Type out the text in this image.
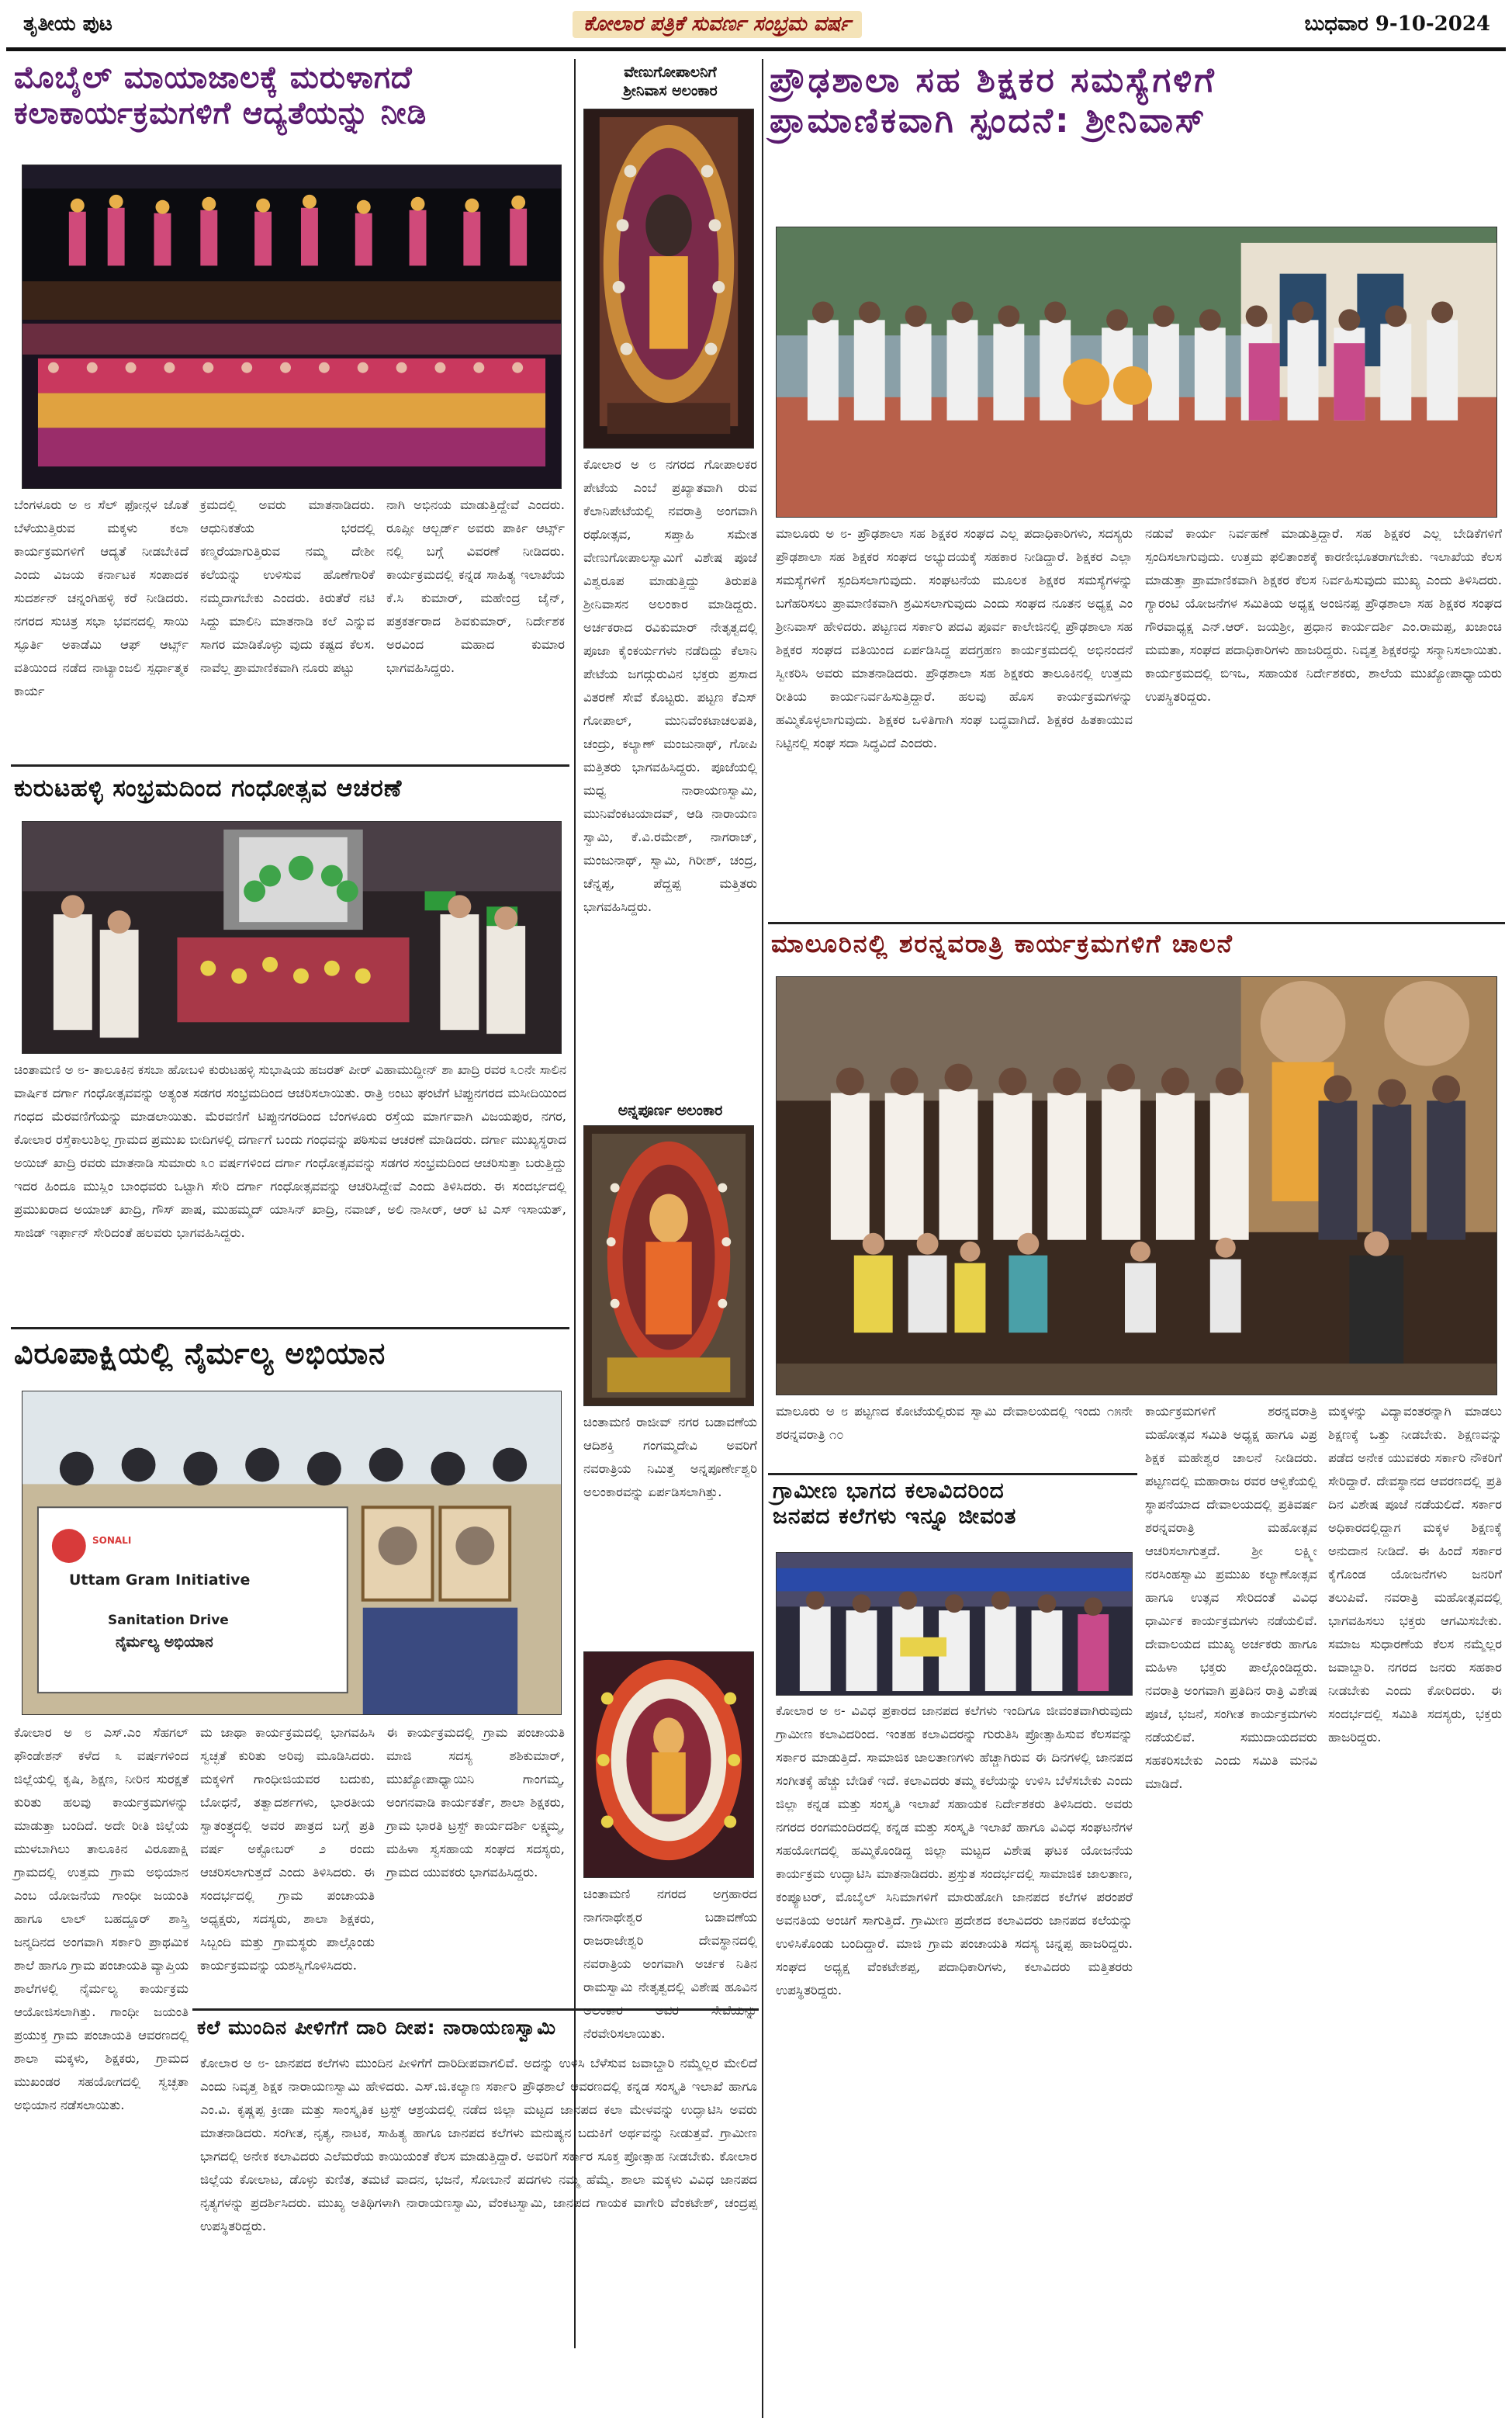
ತೃತೀಯ ಪುಟ	ಕೋಲಾರ ಪತ್ರಿಕೆ ಸುವರ್ಣ ಸಂಭ್ರಮ ವರ್ಷ	ಬುಧವಾರ 9-10-2024
ಮೊಬೈಲ್ ಮಾಯಾಜಾಲಕ್ಕೆ ಮರುಳಾಗದೆ
ಕಲಾಕಾರ್ಯಕ್ರಮಗಳಿಗೆ ಆದ್ಯತೆಯನ್ನು ನೀಡಿ
ಬೆಂಗಳೂರು ಅ ೮ ಸೆಲ್ ಫೋನ್ಗಳ ಜೊತೆ ಬೆಳೆಯುತ್ತಿರುವ ಮಕ್ಕಳು ಕಲಾ ಕಾರ್ಯಕ್ರಮಗಳಿಗೆ ಆದ್ಯತೆ ನೀಡಬೇಕಿದೆ ಎಂದು ವಿಜಯ ಕರ್ನಾಟಕ ಸಂಪಾದಕ ಸುದರ್ಶನ್ ಚನ್ನಂಗಿಹಳ್ಳಿ ಕರೆ ನೀಡಿದರು. ನಗರದ ಸುಚಿತ್ರ ಸಭಾ ಭವನದಲ್ಲಿ ಸಾಯಿ ಸ್ಫೂರ್ತಿ ಅಕಾಡೆಮಿ ಆಫ್ ಆರ್ಟ್ಸ್ ವತಿಯಿಂದ ನಡೆದ ನಾಟ್ಯಾಂಜಲಿ ಸ್ಪರ್ಧಾತ್ಮಕ ಕಾರ್ಯ
ಕ್ರಮದಲ್ಲಿ ಅವರು ಮಾತನಾಡಿದರು. ಆಧುನಿಕತೆಯ ಭರದಲ್ಲಿ ಕಣ್ಮರೆಯಾಗುತ್ತಿರುವ ನಮ್ಮ ದೇಶೀ ಕಲೆಯನ್ನು ಉಳಿಸುವ ಹೊಣೆಗಾರಿಕೆ ನಮ್ಮದಾಗಬೇಕು ಎಂದರು. ಕಿರುತೆರೆ ನಟಿ ಸಿದ್ದು ಮಾಲಿನಿ ಮಾತನಾಡಿ ಕಲೆ ಎನ್ನುವ ಸಾಗರ ಮಾಡಿಕೊಳ್ಳು ವುದು ಕಷ್ಟದ ಕೆಲಸ. ನಾವೆಲ್ಲ ಪ್ರಾಮಾಣಿಕವಾಗಿ ನೂರು ಪಟ್ಟು
ನಾಗಿ ಅಭಿನಯ ಮಾಡುತ್ತಿದ್ದೇವೆ ಎಂದರು. ರೂಪ್ಸೀ ಆಲ್ಬರ್ಡ್ ಅವರು ಪಾರ್ಕಿ ಆರ್ಟ್ಸ್ ನಲ್ಲಿ ಬಗ್ಗೆ ವಿವರಣೆ ನೀಡಿದರು. ಕಾರ್ಯಕ್ರಮದಲ್ಲಿ ಕನ್ನಡ ಸಾಹಿತ್ಯ ಇಲಾಖೆಯ ಕೆ.ಸಿ ಕುಮಾರ್, ಮಹೇಂದ್ರ ಜೈನ್, ಪತ್ರಕರ್ತರಾದ ಶಿವಕುಮಾರ್, ನಿರ್ದೇಶಕ ಅರವಿಂದ ಮಹಾದ ಕುಮಾರ ಭಾಗವಹಿಸಿದ್ದರು.
ಕುರುಟಹಳ್ಳಿ ಸಂಭ್ರಮದಿಂದ ಗಂಧೋತ್ಸವ ಆಚರಣೆ
ಚಿಂತಾಮಣಿ ಅ ೮- ತಾಲೂಕಿನ ಕಸಬಾ ಹೋಬಳಿ ಕುರುಟಹಳ್ಳಿ ಸುಭಾಷಿಯ ಹಜರತ್ ಪೀರ್ ವಿಹಾಮುದ್ದೀನ್ ಶಾ ಖಾದ್ರಿ ರವರ ೩೦ನೇ ಸಾಲಿನ ವಾರ್ಷಿಕ ದರ್ಗಾ ಗಂಧೋತ್ಸವವನ್ನು ಅತ್ಯಂತ ಸಡಗರ ಸಂಭ್ರಮದಿಂದ ಆಚರಿಸಲಾಯಿತು. ರಾತ್ರಿ ೮ಂಟು ಘಂಟೆಗೆ ಟಿಪ್ಪುನಗರದ ಮಸೀದಿಯಿಂದ ಗಂಧದ ಮೆರವಣಿಗೆಯನ್ನು ಮಾಡಲಾಯಿತು. ಮೆರವಣಿಗೆ ಟಿಪ್ಪುನಗರದಿಂದ ಬೆಂಗಳೂರು ರಸ್ತೆಯ ಮಾರ್ಗವಾಗಿ ವಿಜಯಪುರ, ನಗರ, ಕೋಲಾರ ರಸ್ತೆಕಾಲುಶಿಲ್ಲ ಗ್ರಾಮದ ಪ್ರಮುಖ ಬೀದಿಗಳಲ್ಲಿ ದರ್ಗಾಗೆ ಬಂದು ಗಂಧವನ್ನು ಪಠಿಸುವ ಆಚರಣೆ ಮಾಡಿದರು. ದರ್ಗಾ ಮುಖ್ಯಸ್ಥರಾದ ಅಯಿಜ್ ಖಾದ್ರಿ ರವರು ಮಾತನಾಡಿ ಸುಮಾರು ೩೦ ವರ್ಷಗಳಿಂದ ದರ್ಗಾ ಗಂಧೋತ್ಸವವನ್ನು ಸಡಗರ ಸಂಭ್ರಮದಿಂದ ಆಚರಿಸುತ್ತಾ ಬರುತ್ತಿದ್ದು ಇದರ ಹಿಂದೂ ಮುಸ್ಲಿಂ ಬಾಂಧವರು ಒಟ್ಟಾಗಿ ಸೇರಿ ದರ್ಗಾ ಗಂಧೋತ್ಸವವನ್ನು ಆಚರಿಸಿದ್ದೇವೆ ಎಂದು ತಿಳಿಸಿದರು. ಈ ಸಂದರ್ಭದಲ್ಲಿ ಪ್ರಮುಖರಾದ ಅಯಾಜ್ ಖಾದ್ರಿ, ಗೌಸ್ ಪಾಷ, ಮುಹಮ್ಮದ್ ಯಾಸಿನ್ ಖಾದ್ರಿ, ನವಾಜ್, ಅಲಿ ನಾಸೀರ್, ಆರ್ ಟಿ ಎಸ್ ಇಸಾಯತ್, ಸಾಜಿಡ್ ಇರ್ಫಾನ್ ಸೇರಿದಂತೆ ಹಲವರು ಭಾಗವಹಿಸಿದ್ದರು.
ವಿರೂಪಾಕ್ಷಿಯಲ್ಲಿ ನೈರ್ಮಲ್ಯ ಅಭಿಯಾನ
SONALI
Uttam Gram Initiative
Sanitation Drive
ನೈರ್ಮಲ್ಯ ಅಭಿಯಾನ
ಕೋಲಾರ ಅ ೮ ಎಸ್.ಎಂ ಸೆಹಗಲ್ ಫೌಂಡೇಶನ್ ಕಳೆದ ೩ ವರ್ಷಗಳಿಂದ ಜಿಲ್ಲೆಯಲ್ಲಿ ಕೃಷಿ, ಶಿಕ್ಷಣ, ನೀರಿನ ಸುರಕ್ಷತೆ ಕುರಿತು ಹಲವು ಕಾರ್ಯಕ್ರಮಗಳನ್ನು ಮಾಡುತ್ತಾ ಬಂದಿದೆ. ಅದೇ ರೀತಿ ಜಿಲ್ಲೆಯ ಮುಳಬಾಗಿಲು ತಾಲೂಕಿನ ವಿರೂಪಾಕ್ಷಿ ಗ್ರಾಮದಲ್ಲಿ ಉತ್ತಮ ಗ್ರಾಮ ಅಭಿಯಾನ ಎಂಬ ಯೋಜನೆಯ ಗಾಂಧೀ ಜಯಂತಿ ಹಾಗೂ ಲಾಲ್ ಬಹದ್ದೂರ್ ಶಾಸ್ತ್ರಿ ಜನ್ಮದಿನದ ಅಂಗವಾಗಿ ಸರ್ಕಾರಿ ಪ್ರಾಥಮಿಕ ಶಾಲೆ ಹಾಗೂ ಗ್ರಾಮ ಪಂಚಾಯತಿ ವ್ಯಾಪ್ತಿಯ ಶಾಲೆಗಳಲ್ಲಿ ನೈರ್ಮಲ್ಯ ಕಾರ್ಯಕ್ರಮ ಆಯೋಜಿಸಲಾಗಿತ್ತು. ಗಾಂಧೀ ಜಯಂತಿ ಪ್ರಯುಕ್ತ ಗ್ರಾಮ ಪಂಚಾಯತಿ ಆವರಣದಲ್ಲಿ ಶಾಲಾ ಮಕ್ಕಳು, ಶಿಕ್ಷಕರು, ಗ್ರಾಮದ ಮುಖಂಡರ ಸಹಯೋಗದಲ್ಲಿ ಸ್ವಚ್ಛತಾ ಅಭಿಯಾನ ನಡೆಸಲಾಯಿತು.
ಮ ಜಾಥಾ ಕಾರ್ಯಕ್ರಮದಲ್ಲಿ ಭಾಗವಹಿಸಿ ಸ್ವಚ್ಛತೆ ಕುರಿತು ಅರಿವು ಮೂಡಿಸಿದರು. ಮಕ್ಕಳಿಗೆ ಗಾಂಧೀಜಿಯವರ ಬದುಕು, ಬೋಧನೆ, ತತ್ವಾದರ್ಶಗಳು, ಭಾರತೀಯ ಸ್ವಾತಂತ್ರ್ಯದಲ್ಲಿ ಅವರ ಪಾತ್ರದ ಬಗ್ಗೆ ಪ್ರತಿ ವರ್ಷ ಅಕ್ಟೋಬರ್ ೨ ರಂದು ಆಚರಿಸಲಾಗುತ್ತದೆ ಎಂದು ತಿಳಿಸಿದರು. ಈ ಸಂದರ್ಭದಲ್ಲಿ ಗ್ರಾಮ ಪಂಚಾಯತಿ ಅಧ್ಯಕ್ಷರು, ಸದಸ್ಯರು, ಶಾಲಾ ಶಿಕ್ಷಕರು, ಸಿಬ್ಬಂದಿ ಮತ್ತು ಗ್ರಾಮಸ್ಥರು ಪಾಲ್ಗೊಂಡು ಕಾರ್ಯಕ್ರಮವನ್ನು ಯಶಸ್ವಿಗೊಳಿಸಿದರು.
ಈ ಕಾರ್ಯಕ್ರಮದಲ್ಲಿ ಗ್ರಾಮ ಪಂಚಾಯತಿ ಮಾಜಿ ಸದಸ್ಯ ಶಶಿಕುಮಾರ್, ಮುಖ್ಯೋಪಾಧ್ಯಾಯಿನಿ ಗಾಂಗಮ್ಮ, ಅಂಗನವಾಡಿ ಕಾರ್ಯಕರ್ತೆ, ಶಾಲಾ ಶಿಕ್ಷಕರು, ಗ್ರಾಮ ಭಾರತಿ ಟ್ರಸ್ಟ್ ಕಾರ್ಯದರ್ಶಿ ಲಕ್ಷ್ಮಮ್ಮ, ಮಹಿಳಾ ಸ್ವಸಹಾಯ ಸಂಘದ ಸದಸ್ಯರು, ಗ್ರಾಮದ ಯುವಕರು ಭಾಗವಹಿಸಿದ್ದರು.
ಕಲೆ ಮುಂದಿನ ಪೀಳಿಗೆಗೆ ದಾರಿ ದೀಪ: ನಾರಾಯಣಸ್ವಾಮಿ
ಕೋಲಾರ ಅ ೮- ಜಾನಪದ ಕಲೆಗಳು ಮುಂದಿನ ಪೀಳಿಗೆಗೆ ದಾರಿದೀಪವಾಗಲಿವೆ. ಅದನ್ನು ಉಳಿಸಿ ಬೆಳೆಸುವ ಜವಾಬ್ದಾರಿ ನಮ್ಮೆಲ್ಲರ ಮೇಲಿದೆ ಎಂದು ನಿವೃತ್ತ ಶಿಕ್ಷಕ ನಾರಾಯಣಸ್ವಾಮಿ ಹೇಳಿದರು. ಎಸ್.ಜಿ.ಕಲ್ಯಾಣ ಸರ್ಕಾರಿ ಪ್ರೌಢಶಾಲೆ ಆವರಣದಲ್ಲಿ ಕನ್ನಡ ಸಂಸ್ಕೃತಿ ಇಲಾಖೆ ಹಾಗೂ ಎಂ.ವಿ. ಕೃಷ್ಣಪ್ಪ ಕ್ರೀಡಾ ಮತ್ತು ಸಾಂಸ್ಕೃತಿಕ ಟ್ರಸ್ಟ್ ಆಶ್ರಯದಲ್ಲಿ ನಡೆದ ಜಿಲ್ಲಾ ಮಟ್ಟದ ಜಾನಪದ ಕಲಾ ಮೇಳವನ್ನು ಉದ್ಘಾಟಿಸಿ ಅವರು ಮಾತನಾಡಿದರು. ಸಂಗೀತ, ನೃತ್ಯ, ನಾಟಕ, ಸಾಹಿತ್ಯ ಹಾಗೂ ಜಾನಪದ ಕಲೆಗಳು ಮನುಷ್ಯನ ಬದುಕಿಗೆ ಅರ್ಥವನ್ನು ನೀಡುತ್ತವೆ. ಗ್ರಾಮೀಣ ಭಾಗದಲ್ಲಿ ಅನೇಕ ಕಲಾವಿದರು ಎಲೆಮರೆಯ ಕಾಯಿಯಂತೆ ಕೆಲಸ ಮಾಡುತ್ತಿದ್ದಾರೆ. ಅವರಿಗೆ ಸರ್ಕಾರ ಸೂಕ್ತ ಪ್ರೋತ್ಸಾಹ ನೀಡಬೇಕು. ಕೋಲಾರ ಜಿಲ್ಲೆಯ ಕೋಲಾಟ, ಡೊಳ್ಳು ಕುಣಿತ, ತಮಟೆ ವಾದನ, ಭಜನೆ, ಸೋಬಾನೆ ಪದಗಳು ನಮ್ಮ ಹೆಮ್ಮೆ. ಶಾಲಾ ಮಕ್ಕಳು ವಿವಿಧ ಜಾನಪದ ನೃತ್ಯಗಳನ್ನು ಪ್ರದರ್ಶಿಸಿದರು. ಮುಖ್ಯ ಅತಿಥಿಗಳಾಗಿ ನಾರಾಯಣಸ್ವಾಮಿ, ವೆಂಕಟಸ್ವಾಮಿ, ಜಾನಪದ ಗಾಯಕ ವಾಗೇರಿ ವೆಂಕಟೇಶ್, ಚಂದ್ರಪ್ಪ ಉಪಸ್ಥಿತರಿದ್ದರು.
ವೇಣುಗೋಪಾಲನಿಗೆ
ಶ್ರೀನಿವಾಸ ಅಲಂಕಾರ
ಕೋಲಾರ ಅ ೮ ನಗರದ ಗೋಪಾಲಕರ ಪೇಟೆಯ ಎಂಬೆ ಪ್ರಖ್ಯಾತವಾಗಿ ರುವ ಕೆಲಾನಿಪೇಟೆಯಲ್ಲಿ ನವರಾತ್ರಿ ಅಂಗವಾಗಿ ರಥೋತ್ಸವ, ಸಪ್ತಾಹಿ ಸಮೇತ ವೇಣುಗೋಪಾಲಸ್ವಾಮಿಗೆ ವಿಶೇಷ ಪೂಜೆ ವಿಶ್ವರೂಪ ಮಾಡುತ್ತಿದ್ದು ತಿರುಪತಿ ಶ್ರೀನಿವಾಸನ ಅಲಂಕಾರ ಮಾಡಿದ್ದರು. ಅರ್ಚಕರಾದ ರವಿಕುಮಾರ್ ನೇತೃತ್ವದಲ್ಲಿ ಪೂಜಾ ಕೈಂಕರ್ಯಗಳು ನಡೆದಿದ್ದು ಕೆಲಾನಿ ಪೇಟೆಯ ಜಗದ್ಗುರುವಿನ ಭಕ್ತರು ಪ್ರಸಾದ ವಿತರಣೆ ಸೇವೆ ಕೊಟ್ಟರು. ಪಟ್ಟಣ ಕೆಎಸ್ ಗೋಪಾಲ್, ಮುನಿವೆಂಕಟಾಚಲಪತಿ, ಚಂದ್ರು, ಕಲ್ಯಾಣ್ ಮಂಜುನಾಥ್, ಗೋಪಿ ಮತ್ತಿತರು ಭಾಗವಹಿಸಿದ್ದರು. ಪೂಜೆಯಲ್ಲಿ ಮಧ್ವ ನಾರಾಯಣಸ್ವಾಮಿ, ಮುನಿವೆಂಕಟಯಾದವ್, ಆಡಿ ನಾರಾಯಣ ಸ್ವಾಮಿ, ಕೆ.ವಿ.ರಮೇಶ್, ನಾಗರಾಜ್, ಮಂಜುನಾಥ್, ಸ್ವಾಮಿ, ಗಿರೀಶ್, ಚಂದ್ರ, ಚೆನ್ನಪ್ಪ, ಪೆದ್ದಪ್ಪ ಮತ್ತಿತರು ಭಾಗವಹಿಸಿದ್ದರು.
ಅನ್ನಪೂರ್ಣ ಅಲಂಕಾರ
ಚಿಂತಾಮಣಿ ರಾಜೀವ್ ನಗರ ಬಡಾವಣೆಯ ಆದಿಶಕ್ತಿ ಗಂಗಮ್ಮದೇವಿ ಅವರಿಗೆ ನವರಾತ್ರಿಯ ನಿಮಿತ್ತ ಅನ್ನಪೂರ್ಣೇಶ್ವರಿ ಅಲಂಕಾರವನ್ನು ಏರ್ಪಡಿಸಲಾಗಿತ್ತು.
ಚಿಂತಾಮಣಿ ನಗರದ ಅಗ್ರಹಾರದ ನಾಗನಾಥೇಶ್ವರ ಬಡಾವಣೆಯ ರಾಜರಾಜೇಶ್ವರಿ ದೇವಸ್ಥಾನದಲ್ಲಿ ನವರಾತ್ರಿಯ ಅಂಗವಾಗಿ ಅರ್ಚಕ ನಿತಿನ ರಾಮಸ್ವಾಮಿ ನೇತೃತ್ವದಲ್ಲಿ ವಿಶೇಷ ಹೂವಿನ ಅಲಂಕಾರ ಅವರ ಸೇವೆಯನ್ನು ನೆರವೇರಿಸಲಾಯಿತು.
ಪ್ರೌಢಶಾಲಾ ಸಹ ಶಿಕ್ಷಕರ ಸಮಸ್ಯೆಗಳಿಗೆ
ಪ್ರಾಮಾಣಿಕವಾಗಿ ಸ್ಪಂದನೆ: ಶ್ರೀನಿವಾಸ್
ಮಾಲೂರು ಅ ೮- ಪ್ರೌಢಶಾಲಾ ಸಹ ಶಿಕ್ಷಕರ ಸಂಘದ ಎಲ್ಲ ಪದಾಧಿಕಾರಿಗಳು, ಸದಸ್ಯರು ಪ್ರೌಢಶಾಲಾ ಸಹ ಶಿಕ್ಷಕರ ಸಂಘದ ಅಭ್ಯುದಯಕ್ಕೆ ಸಹಕಾರ ನೀಡಿದ್ದಾರೆ. ಶಿಕ್ಷಕರ ಎಲ್ಲಾ ಸಮಸ್ಯೆಗಳಿಗೆ ಸ್ಪಂದಿಸಲಾಗುವುದು. ಸಂಘಟನೆಯ ಮೂಲಕ ಶಿಕ್ಷಕರ ಸಮಸ್ಯೆಗಳನ್ನು ಬಗೆಹರಿಸಲು ಪ್ರಾಮಾಣಿಕವಾಗಿ ಶ್ರಮಿಸಲಾಗುವುದು ಎಂದು ಸಂಘದ ನೂತನ ಅಧ್ಯಕ್ಷ ಎಂ ಶ್ರೀನಿವಾಸ್ ಹೇಳಿದರು. ಪಟ್ಟಣದ ಸರ್ಕಾರಿ ಪದವಿ ಪೂರ್ವ ಕಾಲೇಜಿನಲ್ಲಿ ಪ್ರೌಢಶಾಲಾ ಸಹ ಶಿಕ್ಷಕರ ಸಂಘದ ವತಿಯಿಂದ ಏರ್ಪಡಿಸಿದ್ದ ಪದಗ್ರಹಣ ಕಾರ್ಯಕ್ರಮದಲ್ಲಿ ಅಭಿನಂದನೆ ಸ್ವೀಕರಿಸಿ ಅವರು ಮಾತನಾಡಿದರು. ಪ್ರೌಢಶಾಲಾ ಸಹ ಶಿಕ್ಷಕರು ತಾಲೂಕಿನಲ್ಲಿ ಉತ್ತಮ ರೀತಿಯ ಕಾರ್ಯನಿರ್ವಹಿಸುತ್ತಿದ್ದಾರೆ. ಹಲವು ಹೊಸ ಕಾರ್ಯಕ್ರಮಗಳನ್ನು ಹಮ್ಮಿಕೊಳ್ಳಲಾಗುವುದು. ಶಿಕ್ಷಕರ ಒಳಿತಿಗಾಗಿ ಸಂಘ ಬದ್ಧವಾಗಿದೆ. ಶಿಕ್ಷಕರ ಹಿತಕಾಯುವ ನಿಟ್ಟಿನಲ್ಲಿ ಸಂಘ ಸದಾ ಸಿದ್ಧವಿದೆ ಎಂದರು.
ನಡುವೆ ಕಾರ್ಯ ನಿರ್ವಹಣೆ ಮಾಡುತ್ತಿದ್ದಾರೆ. ಸಹ ಶಿಕ್ಷಕರ ಎಲ್ಲ ಬೇಡಿಕೆಗಳಿಗೆ ಸ್ಪಂದಿಸಲಾಗುವುದು. ಉತ್ತಮ ಫಲಿತಾಂಶಕ್ಕೆ ಕಾರಣೀಭೂತರಾಗಬೇಕು. ಇಲಾಖೆಯ ಕೆಲಸ ಮಾಡುತ್ತಾ ಪ್ರಾಮಾಣಿಕವಾಗಿ ಶಿಕ್ಷಕರ ಕೆಲಸ ನಿರ್ವಹಿಸುವುದು ಮುಖ್ಯ ಎಂದು ತಿಳಿಸಿದರು. ಗ್ಯಾರಂಟಿ ಯೋಜನೆಗಳ ಸಮಿತಿಯ ಅಧ್ಯಕ್ಷ ಅಂಜಿನಪ್ಪ ಪ್ರೌಢಶಾಲಾ ಸಹ ಶಿಕ್ಷಕರ ಸಂಘದ ಗೌರವಾಧ್ಯಕ್ಷ ಎನ್.ಆರ್. ಜಯಶ್ರೀ, ಪ್ರಧಾನ ಕಾರ್ಯದರ್ಶಿ ಎಂ.ರಾಮಪ್ಪ, ಖಜಾಂಚಿ ಮಮತಾ, ಸಂಘದ ಪದಾಧಿಕಾರಿಗಳು ಹಾಜರಿದ್ದರು. ನಿವೃತ್ತ ಶಿಕ್ಷಕರನ್ನು ಸನ್ಮಾನಿಸಲಾಯಿತು. ಕಾರ್ಯಕ್ರಮದಲ್ಲಿ ಬಿಇಒ, ಸಹಾಯಕ ನಿರ್ದೇಶಕರು, ಶಾಲೆಯ ಮುಖ್ಯೋಪಾಧ್ಯಾಯರು ಉಪಸ್ಥಿತರಿದ್ದರು.
ಮಾಲೂರಿನಲ್ಲಿ ಶರನ್ನವರಾತ್ರಿ ಕಾರ್ಯಕ್ರಮಗಳಿಗೆ ಚಾಲನೆ
ಮಾಲೂರು ಅ ೮ ಪಟ್ಟಣದ ಕೋಟೆಯಲ್ಲಿರುವ ಸ್ವಾಮಿ ದೇವಾಲಯದಲ್ಲಿ ಇಂದು ೧೫ನೇ ಶರನ್ನವರಾತ್ರಿ ೧೦
ಗ್ರಾಮೀಣ ಭಾಗದ ಕಲಾವಿದರಿಂದ
ಜನಪದ ಕಲೆಗಳು ಇನ್ನೂ ಜೀವಂತ
ಕೋಲಾರ ಅ ೮- ವಿವಿಧ ಪ್ರಕಾರದ ಜಾನಪದ ಕಲೆಗಳು ಇಂದಿಗೂ ಜೀವಂತವಾಗಿರುವುದು ಗ್ರಾಮೀಣ ಕಲಾವಿದರಿಂದ. ಇಂತಹ ಕಲಾವಿದರನ್ನು ಗುರುತಿಸಿ ಪ್ರೋತ್ಸಾಹಿಸುವ ಕೆಲಸವನ್ನು ಸರ್ಕಾರ ಮಾಡುತ್ತಿದೆ. ಸಾಮಾಜಿಕ ಜಾಲತಾಣಗಳು ಹೆಚ್ಚಾಗಿರುವ ಈ ದಿನಗಳಲ್ಲಿ ಜಾನಪದ ಸಂಗೀತಕ್ಕೆ ಹೆಚ್ಚು ಬೇಡಿಕೆ ಇದೆ. ಕಲಾವಿದರು ತಮ್ಮ ಕಲೆಯನ್ನು ಉಳಿಸಿ ಬೆಳೆಸಬೇಕು ಎಂದು ಜಿಲ್ಲಾ ಕನ್ನಡ ಮತ್ತು ಸಂಸ್ಕೃತಿ ಇಲಾಖೆ ಸಹಾಯಕ ನಿರ್ದೇಶಕರು ತಿಳಿಸಿದರು. ಅವರು ನಗರದ ರಂಗಮಂದಿರದಲ್ಲಿ ಕನ್ನಡ ಮತ್ತು ಸಂಸ್ಕೃತಿ ಇಲಾಖೆ ಹಾಗೂ ವಿವಿಧ ಸಂಘಟನೆಗಳ ಸಹಯೋಗದಲ್ಲಿ ಹಮ್ಮಿಕೊಂಡಿದ್ದ ಜಿಲ್ಲಾ ಮಟ್ಟದ ವಿಶೇಷ ಘಟಕ ಯೋಜನೆಯ ಕಾರ್ಯಕ್ರಮ ಉದ್ಘಾಟಿಸಿ ಮಾತನಾಡಿದರು. ಪ್ರಸ್ತುತ ಸಂದರ್ಭದಲ್ಲಿ ಸಾಮಾಜಿಕ ಜಾಲತಾಣ, ಕಂಪ್ಯೂಟರ್, ಮೊಬೈಲ್ ಸಿನಿಮಾಗಳಿಗೆ ಮಾರುಹೋಗಿ ಜಾನಪದ ಕಲೆಗಳ ಪರಂಪರೆ ಅವನತಿಯ ಅಂಚಿಗೆ ಸಾಗುತ್ತಿದೆ. ಗ್ರಾಮೀಣ ಪ್ರದೇಶದ ಕಲಾವಿದರು ಜಾನಪದ ಕಲೆಯನ್ನು ಉಳಿಸಿಕೊಂಡು ಬಂದಿದ್ದಾರೆ. ಮಾಜಿ ಗ್ರಾಮ ಪಂಚಾಯತಿ ಸದಸ್ಯ ಚಿನ್ನಪ್ಪ ಹಾಜರಿದ್ದರು. ಸಂಘದ ಅಧ್ಯಕ್ಷ ವೆಂಕಟೇಶಪ್ಪ, ಪದಾಧಿಕಾರಿಗಳು, ಕಲಾವಿದರು ಮತ್ತಿತರರು ಉಪಸ್ಥಿತರಿದ್ದರು.
ಕಾರ್ಯಕ್ರಮಗಳಿಗೆ ಶರನ್ನವರಾತ್ರಿ ಮಹೋತ್ಸವ ಸಮಿತಿ ಅಧ್ಯಕ್ಷ ಹಾಗೂ ವಿಪ್ರ ಶಿಕ್ಷಕ ಮಹೇಶ್ವರ ಚಾಲನೆ ನೀಡಿದರು. ಪಟ್ಟಣದಲ್ಲಿ ಮಹಾರಾಜ ರವರ ಆಳ್ವಿಕೆಯಲ್ಲಿ ಸ್ಥಾಪನೆಯಾದ ದೇವಾಲಯದಲ್ಲಿ ಪ್ರತಿವರ್ಷ ಶರನ್ನವರಾತ್ರಿ ಮಹೋತ್ಸವ ಆಚರಿಸಲಾಗುತ್ತದೆ. ಶ್ರೀ ಲಕ್ಷ್ಮೀ ನರಸಿಂಹಸ್ವಾಮಿ ಪ್ರಮುಖ ಕಲ್ಯಾಣೋತ್ಸವ ಹಾಗೂ ಉತ್ಸವ ಸೇರಿದಂತೆ ವಿವಿಧ ಧಾರ್ಮಿಕ ಕಾರ್ಯಕ್ರಮಗಳು ನಡೆಯಲಿವೆ. ದೇವಾಲಯದ ಮುಖ್ಯ ಅರ್ಚಕರು ಹಾಗೂ ಮಹಿಳಾ ಭಕ್ತರು ಪಾಲ್ಗೊಂಡಿದ್ದರು. ನವರಾತ್ರಿ ಅಂಗವಾಗಿ ಪ್ರತಿದಿನ ರಾತ್ರಿ ವಿಶೇಷ ಪೂಜೆ, ಭಜನೆ, ಸಂಗೀತ ಕಾರ್ಯಕ್ರಮಗಳು ನಡೆಯಲಿವೆ. ಸಮುದಾಯದವರು ಸಹಕರಿಸಬೇಕು ಎಂದು ಸಮಿತಿ ಮನವಿ ಮಾಡಿದೆ.
ಮಕ್ಕಳನ್ನು ವಿದ್ಯಾವಂತರನ್ನಾಗಿ ಮಾಡಲು ಶಿಕ್ಷಣಕ್ಕೆ ಒತ್ತು ನೀಡಬೇಕು. ಶಿಕ್ಷಣವನ್ನು ಪಡೆದ ಅನೇಕ ಯುವಕರು ಸರ್ಕಾರಿ ನೌಕರಿಗೆ ಸೇರಿದ್ದಾರೆ. ದೇವಸ್ಥಾನದ ಆವರಣದಲ್ಲಿ ಪ್ರತಿ ದಿನ ವಿಶೇಷ ಪೂಜೆ ನಡೆಯಲಿದೆ. ಸರ್ಕಾರ ಅಧಿಕಾರದಲ್ಲಿದ್ದಾಗ ಮಕ್ಕಳ ಶಿಕ್ಷಣಕ್ಕೆ ಅನುದಾನ ನೀಡಿದೆ. ಈ ಹಿಂದೆ ಸರ್ಕಾರ ಕೈಗೊಂಡ ಯೋಜನೆಗಳು ಜನರಿಗೆ ತಲುಪಿವೆ. ನವರಾತ್ರಿ ಮಹೋತ್ಸವದಲ್ಲಿ ಭಾಗವಹಿಸಲು ಭಕ್ತರು ಆಗಮಿಸಬೇಕು. ಸಮಾಜ ಸುಧಾರಣೆಯ ಕೆಲಸ ನಮ್ಮೆಲ್ಲರ ಜವಾಬ್ದಾರಿ. ನಗರದ ಜನರು ಸಹಕಾರ ನೀಡಬೇಕು ಎಂದು ಕೋರಿದರು. ಈ ಸಂದರ್ಭದಲ್ಲಿ ಸಮಿತಿ ಸದಸ್ಯರು, ಭಕ್ತರು ಹಾಜರಿದ್ದರು.
